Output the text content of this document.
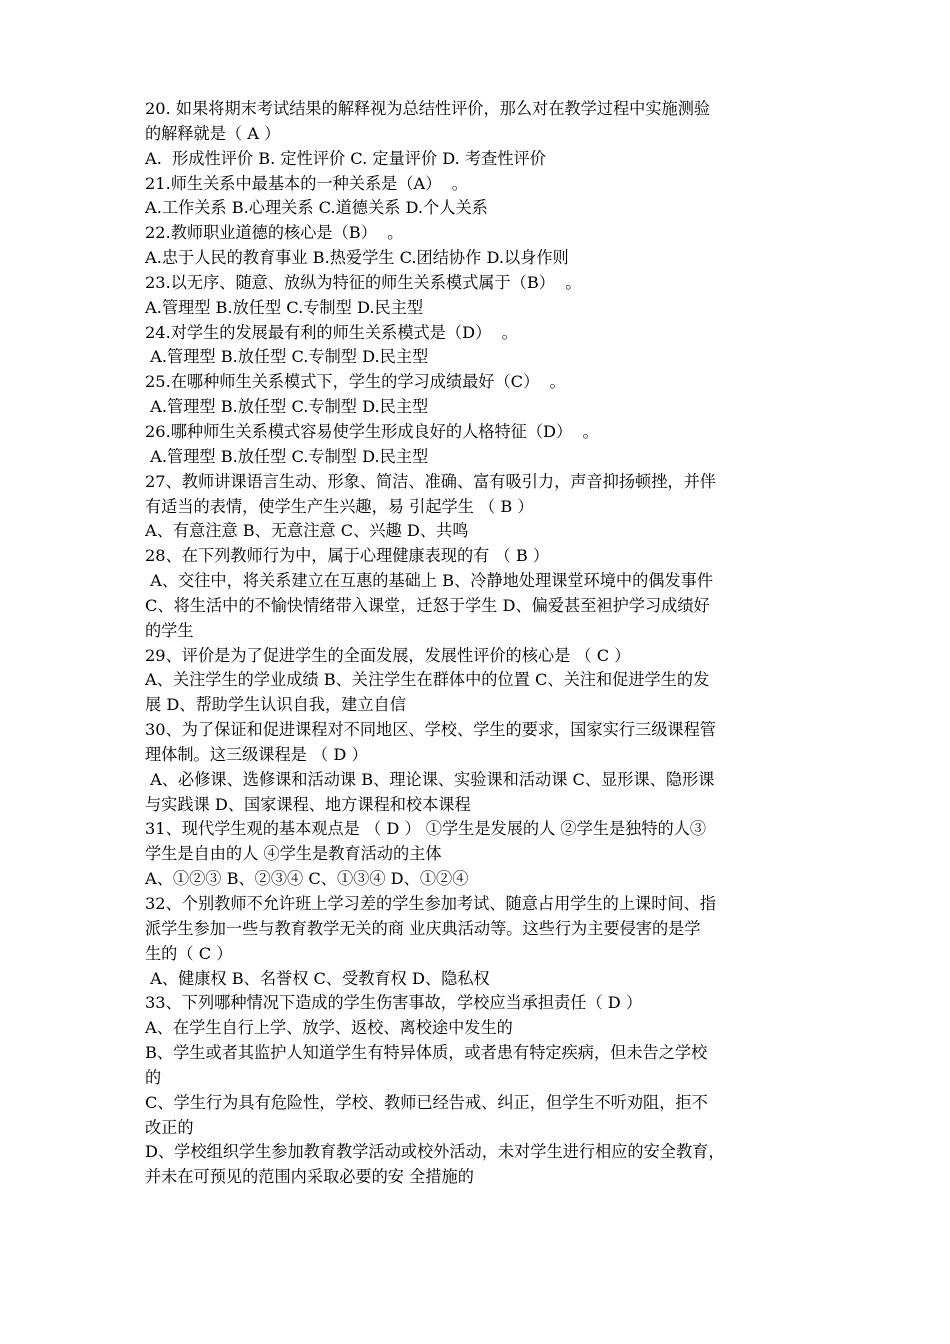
20. 如果将期末考试结果的解释视为总结性评价，那么对在教学过程中实施测验
的解释就是（ A ）
A.  形成性评价 B. 定性评价 C. 定量评价 D. 考查性评价
21.师生关系中最基本的一种关系是（A）  。
A.工作关系 B.心理关系 C.道德关系 D.个人关系
22.教师职业道德的核心是（B）  。
A.忠于人民的教育事业 B.热爱学生 C.团结协作 D.以身作则
23.以无序、随意、放纵为特征的师生关系模式属于（B）  。
A.管理型 B.放任型 C.专制型 D.民主型
24.对学生的发展最有利的师生关系模式是（D）  。
A.管理型 B.放任型 C.专制型 D.民主型
25.在哪种师生关系模式下，学生的学习成绩最好（C）  。
A.管理型 B.放任型 C.专制型 D.民主型
26.哪种师生关系模式容易使学生形成良好的人格特征（D）  。
A.管理型 B.放任型 C.专制型 D.民主型
27、教师讲课语言生动、形象、简洁、准确、富有吸引力，声音抑扬顿挫，并伴
有适当的表情，使学生产生兴趣，易 引起学生 （ B ）
A、有意注意 B、无意注意 C、兴趣 D、共鸣
28、在下列教师行为中，属于心理健康表现的有 （ B ）
A、交往中，将关系建立在互惠的基础上 B、冷静地处理课堂环境中的偶发事件
C、将生活中的不愉快情绪带入课堂，迁怒于学生 D、偏爱甚至袒护学习成绩好
的学生
29、评价是为了促进学生的全面发展，发展性评价的核心是 （ C ）
A、关注学生的学业成绩 B、关注学生在群体中的位置 C、关注和促进学生的发
展 D、帮助学生认识自我，建立自信
30、为了保证和促进课程对不同地区、学校、学生的要求，国家实行三级课程管
理体制。这三级课程是 （ D ）
A、必修课、选修课和活动课 B、理论课、实验课和活动课 C、显形课、隐形课
与实践课 D、国家课程、地方课程和校本课程
31、现代学生观的基本观点是 （ D ） ①学生是发展的人 ②学生是独特的人③
学生是自由的人 ④学生是教育活动的主体
A、①②③ B、②③④ C、①③④ D、①②④
32、个别教师不允许班上学习差的学生参加考试、随意占用学生的上课时间、指
派学生参加一些与教育教学无关的商 业庆典活动等。这些行为主要侵害的是学
生的（ C ）
A、健康权 B、名誉权 C、受教育权 D、隐私权
33、下列哪种情况下造成的学生伤害事故，学校应当承担责任（ D ）
A、在学生自行上学、放学、返校、离校途中发生的
B、学生或者其监护人知道学生有特异体质，或者患有特定疾病，但未告之学校
的
C、学生行为具有危险性，学校、教师已经告戒、纠正，但学生不听劝阻，拒不
改正的
D、学校组织学生参加教育教学活动或校外活动，未对学生进行相应的安全教育，
并未在可预见的范围内采取必要的安 全措施的
